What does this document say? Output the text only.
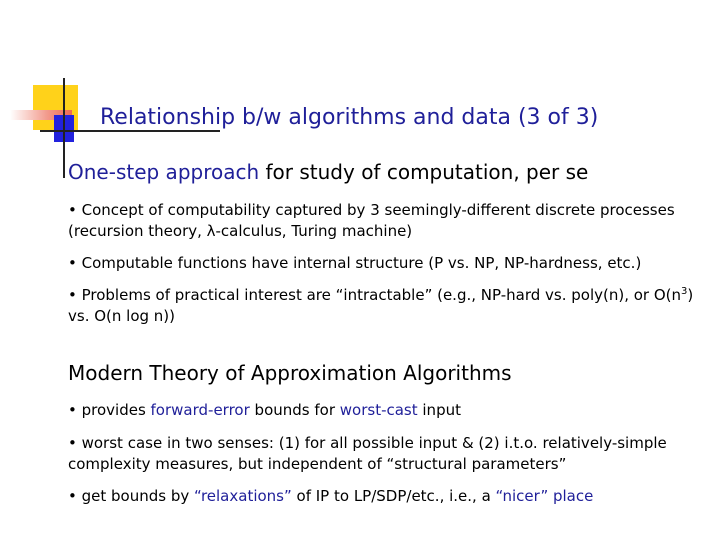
Relationship b/w algorithms and data (3 of 3)
One-step approach for study of computation, per se
• Concept of computability captured by 3 seemingly-different discrete processes (recursion theory, λ-calculus, Turing machine)
• Computable functions have internal structure (P vs. NP, NP-hardness, etc.)
• Problems of practical interest are “intractable” (e.g., NP-hard vs. poly(n), or $O(n^3)$ vs. O(n log n))
Modern Theory of Approximation Algorithms
• provides forward-error bounds for worst-cast input
• worst case in two senses: (1) for all possible input & (2) i.t.o. relatively-simple complexity measures, but independent of “structural parameters”
• get bounds by “relaxations” of IP to LP/SDP/etc., i.e., a “nicer” place
